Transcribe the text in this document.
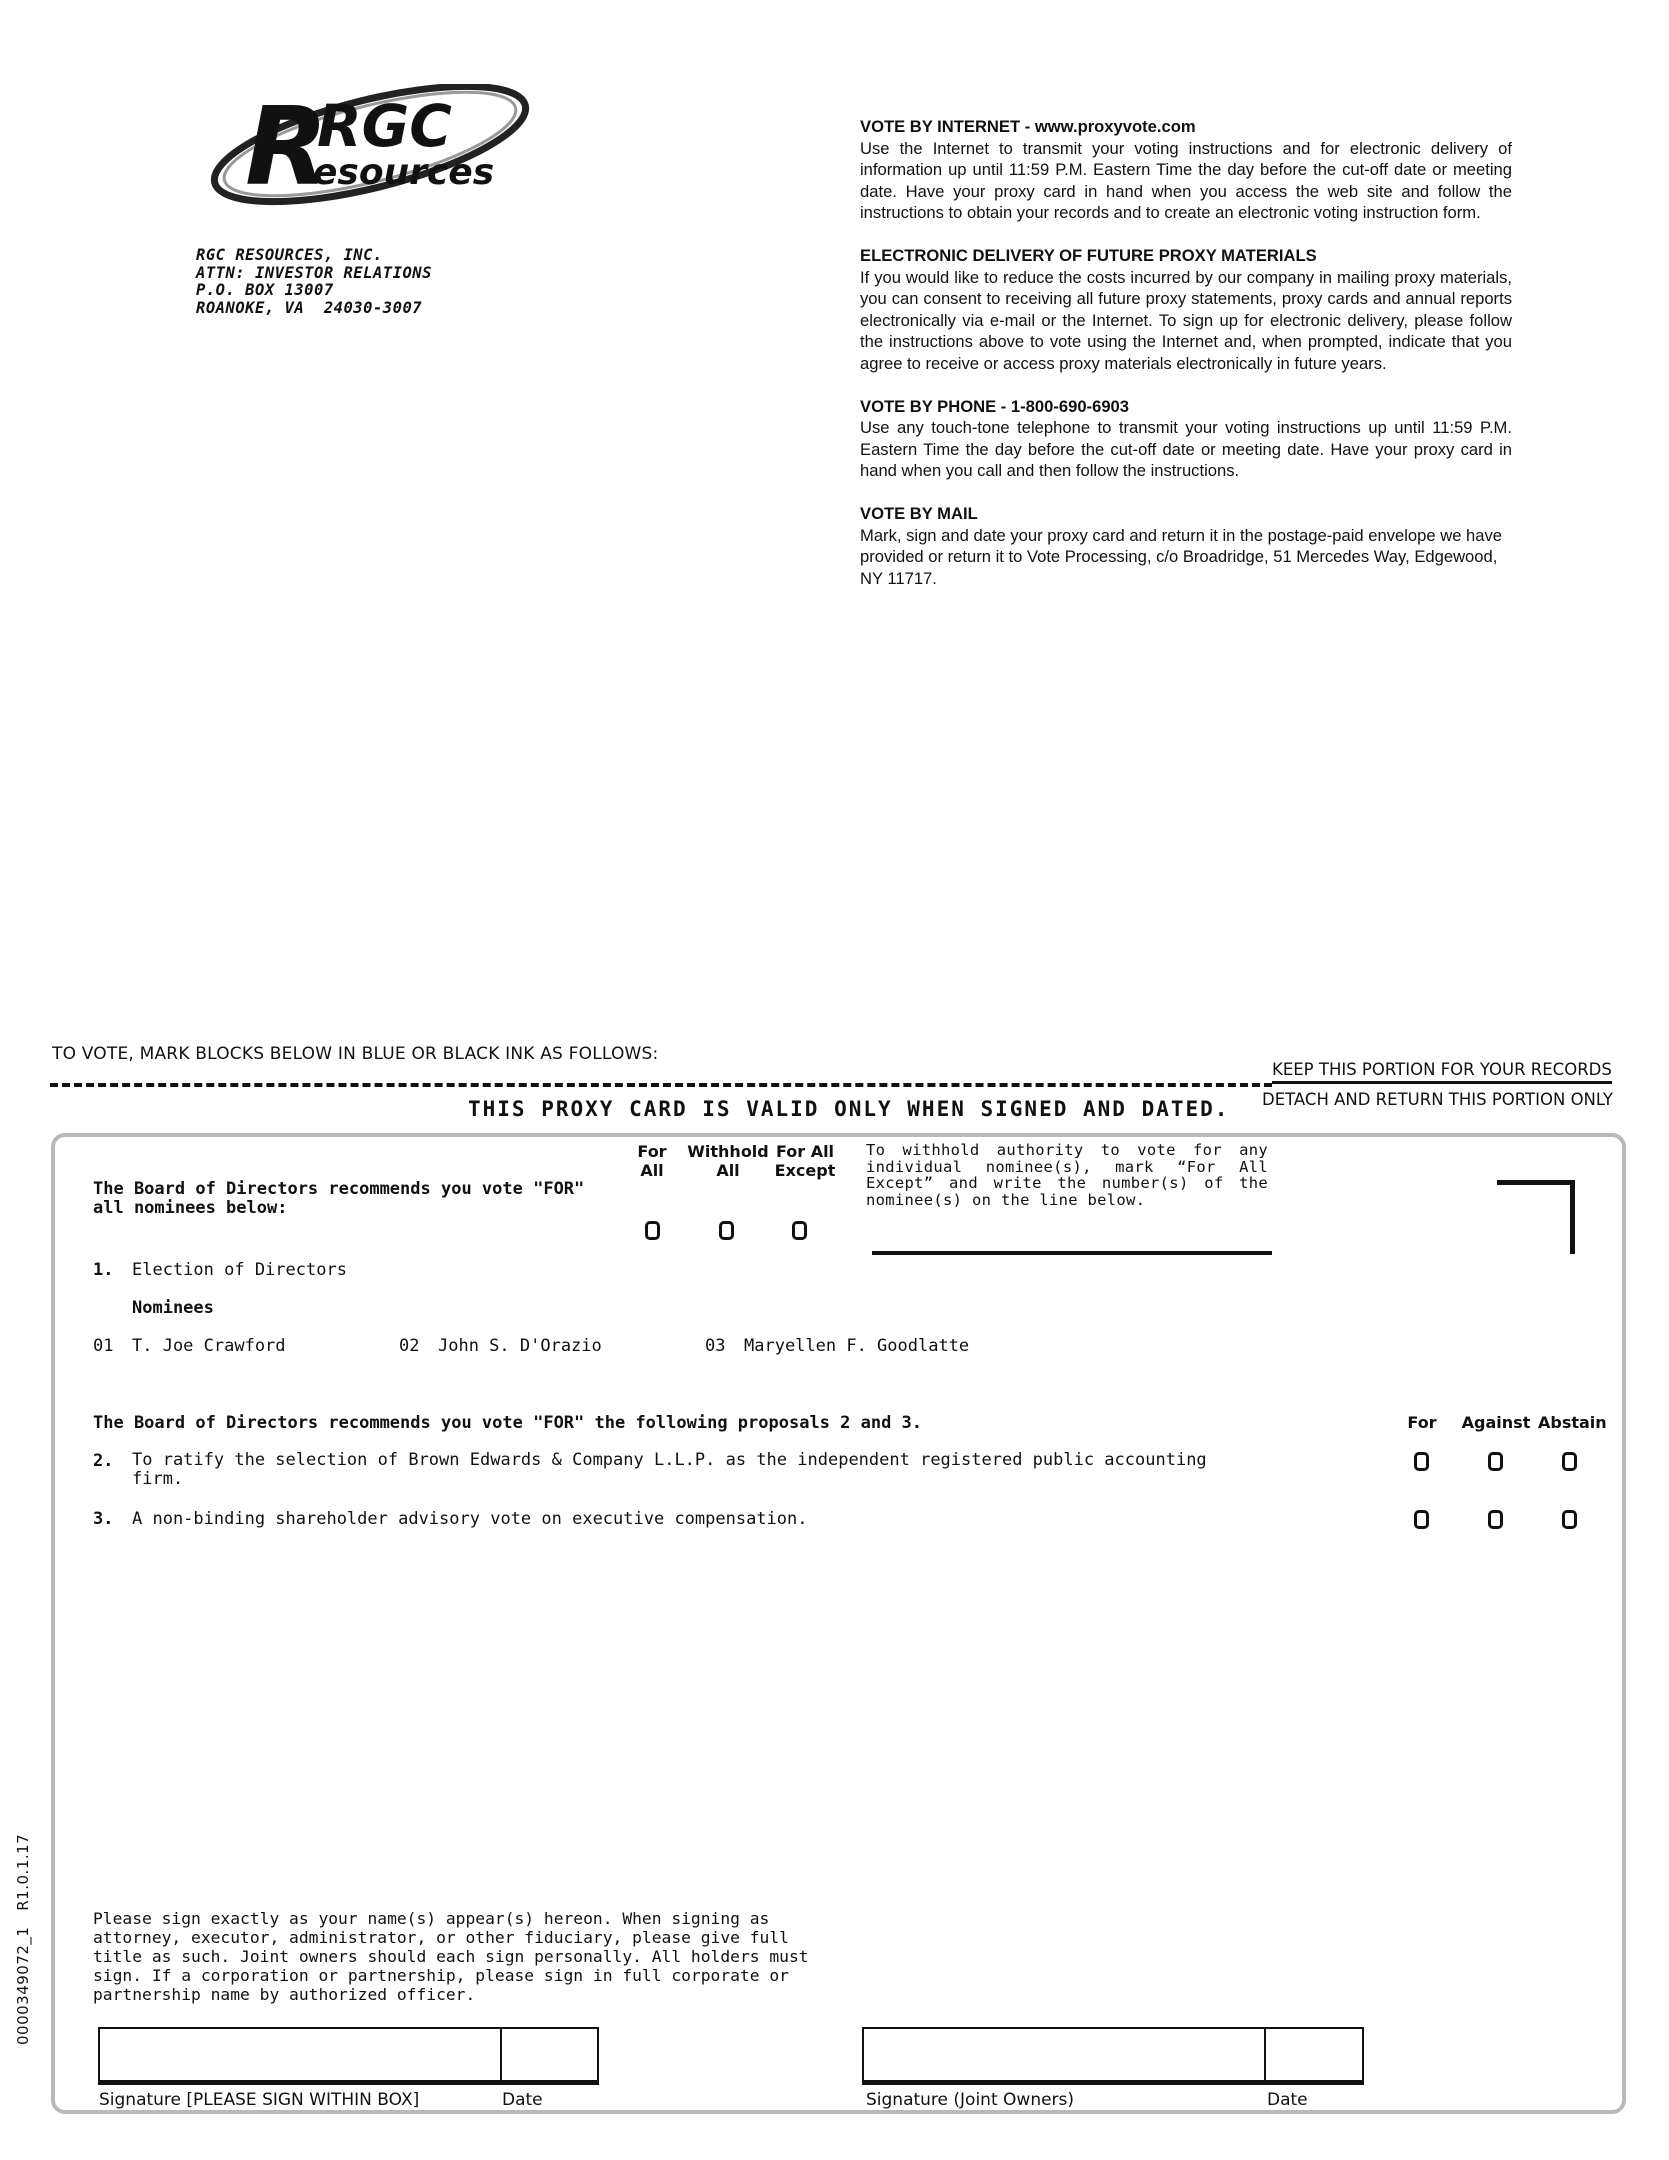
R
RGC
esources
RGC RESOURCES, INC.
ATTN: INVESTOR RELATIONS
P.O. BOX 13007
ROANOKE, VA  24030-3007
VOTE BY INTERNET - www.proxyvote.com
Use the Internet to transmit your voting instructions and for electronic delivery of information up until 11:59 P.M. Eastern Time the day before the cut-off date or meeting date. Have your proxy card in hand when you access the web site and follow the instructions to obtain your records and to create an electronic voting instruction form.
ELECTRONIC DELIVERY OF FUTURE PROXY MATERIALS
If you would like to reduce the costs incurred by our company in mailing proxy materials, you can consent to receiving all future proxy statements, proxy cards and annual reports electronically via e-mail or the Internet. To sign up for electronic delivery, please follow the instructions above to vote using the Internet and, when prompted, indicate that you agree to receive or access proxy materials electronically in future years.
VOTE BY PHONE - 1-800-690-6903
Use any touch-tone telephone to transmit your voting instructions up until 11:59 P.M. Eastern Time the day before the cut-off date or meeting date. Have your proxy card in hand when you call and then follow the instructions.
VOTE BY MAIL
Mark, sign and date your proxy card and return it in the postage-paid envelope we have provided or return it to Vote Processing, c/o Broadridge, 51 Mercedes Way, Edgewood, NY 11717.
TO VOTE, MARK BLOCKS BELOW IN BLUE OR BLACK INK AS FOLLOWS:
KEEP THIS PORTION FOR YOUR RECORDS
THIS PROXY CARD IS VALID ONLY WHEN SIGNED AND DATED. DETACH AND RETURN THIS PORTION ONLY
The Board of Directors recommends you vote "FOR" all nominees below:
For
All
Withhold
All
For All
Except
To withhold authority to vote for any individual nominee(s), mark “For All Except” and write the number(s) of the nominee(s) on the line below.
1. Election of Directors
Nominees
01 T. Joe Crawford	02 John S. D'Orazio	03 Maryellen F. Goodlatte
The Board of Directors recommends you vote "FOR" the following proposals 2 and 3.	For	Against Abstain
2. To ratify the selection of Brown Edwards & Company L.L.P. as the independent registered public accounting
firm.
3. A non-binding shareholder advisory vote on executive compensation.
Please sign exactly as your name(s) appear(s) hereon. When signing as attorney, executor, administrator, or other fiduciary, please give full title as such. Joint owners should each sign personally. All holders must sign. If a corporation or partnership, please sign in full corporate or partnership name by authorized officer.
Signature [PLEASE SIGN WITHIN BOX]	Date	Signature (Joint Owners)	Date
0000349072_1   R1.0.1.17
